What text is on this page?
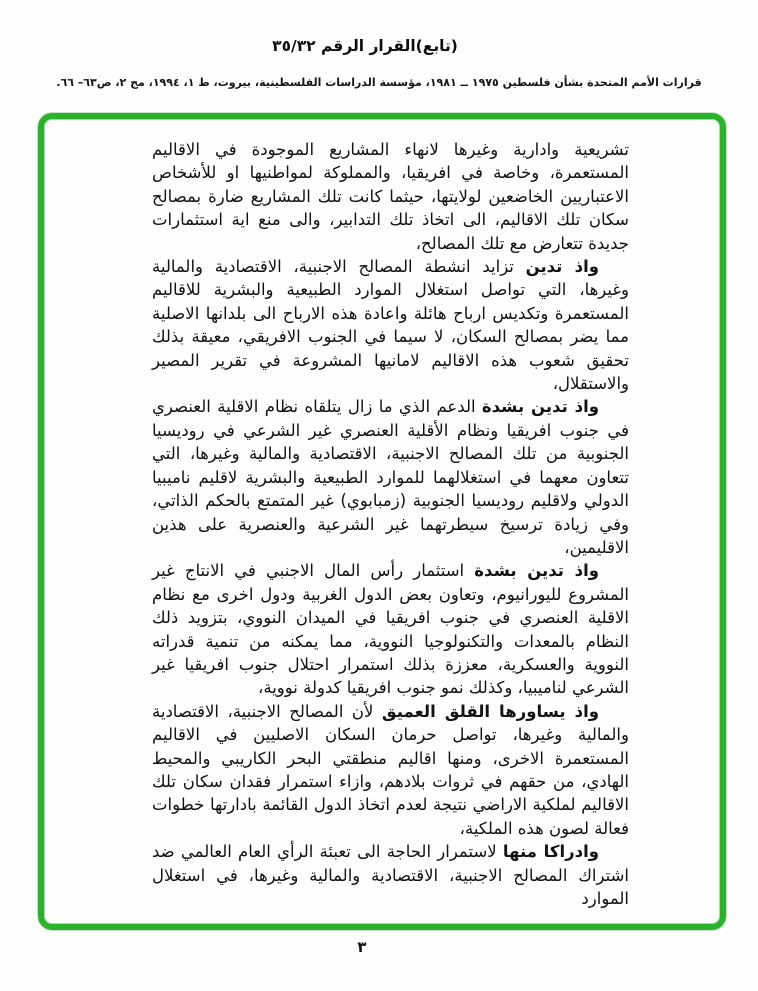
(تابع)القرار الرقم ٣٥/٣٢
قرارات الأمم المتحدة بشأن فلسطين ١٩٧٥ ــ ١٩٨١، مؤسسة الدراسات الفلسطينية، بيروت، ط ١، ١٩٩٤، مج ٢، ص٦٣– ٦٦.

تشريعية وادارية وغيرها لانهاء المشاريع الموجودة في الاقاليم المستعمرة، وخاصة في افريقيا، والمملوكة لمواطنيها او للأشخاص الاعتباريين الخاضعين لولايتها، حيثما كانت تلك المشاريع ضارة بمصالح سكان تلك الاقاليم، الى اتخاذ تلك التدابير، والى منع اية استثمارات جديدة تتعارض مع تلك المصالح،

واذ تدين تزايد انشطة المصالح الاجنبية، الاقتصادية والمالية وغيرها، التي تواصل استغلال الموارد الطبيعية والبشرية للاقاليم المستعمرة وتكديس ارباح هائلة واعادة هذه الارباح الى بلدانها الاصلية مما يضر بمصالح السكان، لا سيما في الجنوب الافريقي، معيقة بذلك تحقيق شعوب هذه الاقاليم لامانيها المشروعة في تقرير المصير والاستقلال،

واذ تدين بشدة الدعم الذي ما زال يتلقاه نظام الاقلية العنصري في جنوب افريقيا ونظام الأقلية العنصري غير الشرعي في روديسيا الجنوبية من تلك المصالح الاجنبية، الاقتصادية والمالية وغيرها، التي تتعاون معهما في استغلالهما للموارد الطبيعية والبشرية لاقليم ناميبيا الدولي ولاقليم روديسيا الجنوبية (زمبابوي) غير المتمتع بالحكم الذاتي، وفي زيادة ترسيخ سيطرتهما غير الشرعية والعنصرية على هذين الاقليمين،

واذ تدين بشدة استثمار رأس المال الاجنبي في الانتاج غير المشروع لليورانيوم، وتعاون بعض الدول الغربية ودول اخرى مع نظام الاقلية العنصري في جنوب افريقيا في الميدان النووي، بتزويد ذلك النظام بالمعدات والتكنولوجيا النووية، مما يمكنه من تنمية قدراته النووية والعسكرية، معززة بذلك استمرار احتلال جنوب افريقيا غير الشرعي لناميبيا، وكذلك نمو جنوب افريقيا كدولة نووية،

واذ يساورها القلق العميق لأن المصالح الاجنبية، الاقتصادية والمالية وغيرها، تواصل حرمان السكان الاصليين في الاقاليم المستعمرة الاخرى، ومنها اقاليم منطقتي البحر الكاريبي والمحيط الهادي، من حقهم في ثروات بلادهم، وازاء استمرار فقدان سكان تلك الاقاليم لملكية الاراضي نتيجة لعدم اتخاذ الدول القائمة بادارتها خطوات فعالة لصون هذه الملكية،

وادراكا منها لاستمرار الحاجة الى تعبئة الرأي العام العالمي ضد اشتراك المصالح الاجنبية، الاقتصادية والمالية وغيرها، في استغلال الموارد

٣
